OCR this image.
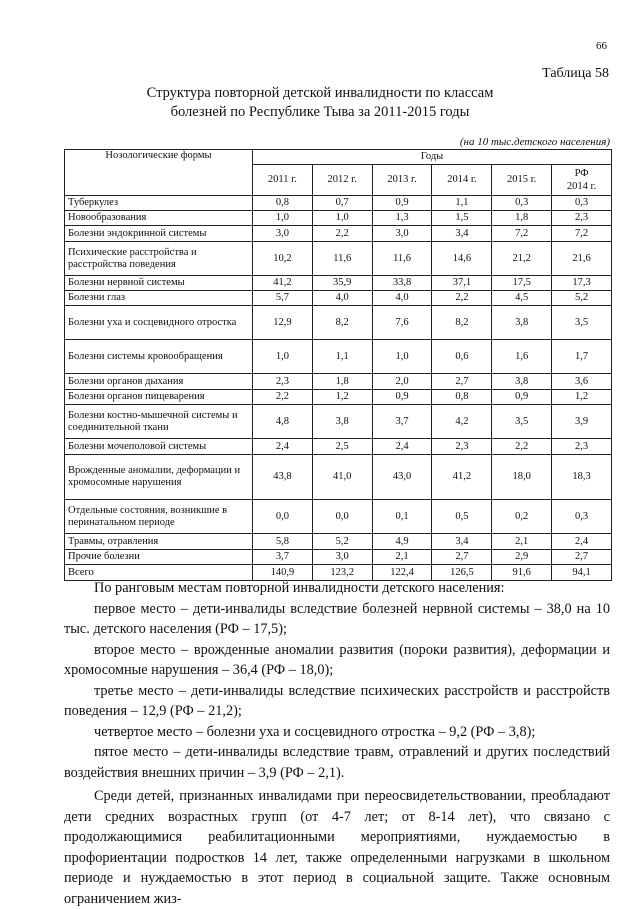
66
Таблица 58
Структура повторной детской инвалидности по классам
болезней по Республике Тыва за 2011-2015 годы
(на 10 тыс.детского населения)
Нозологические формы	Годы					
	2011 г.	2012 г.	2013 г.	2014 г.	2015 г.	РФ 2014 г.
Туберкулез	0,8	0,7	0,9	1,1	0,3	0,3
Новообразования	1,0	1,0	1,3	1,5	1,8	2,3
Болезни эндокринной системы	3,0	2,2	3,0	3,4	7,2	7,2
Психические расстройства и расстройства поведения	10,2	11,6	11,6	14,6	21,2	21,6
Болезни нервной системы	41,2	35,9	33,8	37,1	17,5	17,3
Болезни глаз	5,7	4,0	4,0	2,2	4,5	5,2
Болезни уха и сосцевидного отростка	12,9	8,2	7,6	8,2	3,8	3,5
Болезни системы кровообращения	1,0	1,1	1,0	0,6	1,6	1,7
Болезни органов дыхания	2,3	1,8	2,0	2,7	3,8	3,6
Болезни органов пищеварения	2,2	1,2	0,9	0,8	0,9	1,2
Болезни костно-мышечной системы и соединительной ткани	4,8	3,8	3,7	4,2	3,5	3,9
Болезни мочеполовой системы	2,4	2,5	2,4	2,3	2,2	2,3
Врожденные аномалии, деформации и хромосомные нарушения	43,8	41,0	43,0	41,2	18,0	18,3
Отдельные состояния, возникшие в перинатальном периоде	0,0	0,0	0,1	0,5	0,2	0,3
Травмы, отравления	5,8	5,2	4,9	3,4	2,1	2,4
Прочие болезни	3,7	3,0	2,1	2,7	2,9	2,7
Всего	140,9	123,2	122,4	126,5	91,6	94,1
По ранговым местам повторной инвалидности детского населения:
первое место – дети-инвалиды вследствие болезней нервной системы – 38,0 на 10 тыс. детского населения (РФ – 17,5);
второе место – врожденные аномалии развития (пороки развития), деформации и хромосомные нарушения – 36,4 (РФ – 18,0);
третье место – дети-инвалиды вследствие психических расстройств и расстройств поведения – 12,9 (РФ – 21,2);
четвертое место – болезни уха и сосцевидного отростка – 9,2 (РФ – 3,8);
пятое место – дети-инвалиды вследствие травм, отравлений и других последствий воздействия внешних причин – 3,9 (РФ – 2,1).
Среди детей, признанных инвалидами при переосвидетельствовании, преобладают дети средних возрастных групп (от 4-7 лет; от 8-14 лет), что связано с продолжающимися реабилитационными мероприятиями, нуждаемостью в профориентации подростков 14 лет, также определенными нагрузками в школьном периоде и нуждаемостью в этот период в социальной защите. Также основным ограничением жиз-
